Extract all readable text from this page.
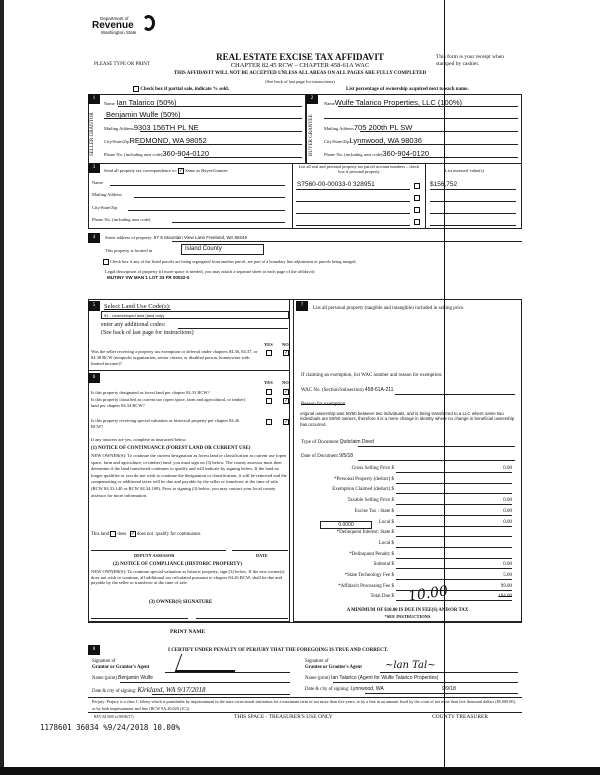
Department of
Revenue
Washington State
REAL ESTATE EXCISE TAX AFFIDAVIT
CHAPTER 82.45 RCW – CHAPTER 458-61A WAC
PLEASE TYPE OR PRINT
THIS AFFIDAVIT WILL NOT BE ACCEPTED UNLESS ALL AREAS ON ALL PAGES ARE FULLY COMPLETED
(See back of last page for instructions)
This form is your receipt when stamped by cashier.
Check box if partial sale, indicate % sold.	List percentage of ownership acquired next to each name.
1	2
SELLER GRANTOR	BUYER GRANTEE
Name Ian Talarico (50%)
Benjamin Wulfe (50%)
Mailing Address9303 156TH PL NE
City/State/ZipREDMOND, WA 98052
Phone No. (including area code)360-904-0120
NameWulfe Talarico Properties, LLC (100%)
Mailing Address705 200th PL SW
City/State/ZipLynnwood, WA 98036
Phone No. (including area code)360-904-0120
3
Send all property tax correspondence to: ✓ Same as Buyer/Grantee
Name
Mailing Address
City/State/Zip
Phone No. (including area code)
List all real and personal property tax parcel account numbers – check box if personal property
S7560-00-00033-0 328951
List assessed value(s)
$156,752
4	Street address of property: 57 S Mountain View Lane Freeland, WA 98249
This property is located in	Island County
Check box if any of the listed parcels are being segregated from another parcel, are part of a boundary line adjustment or parcels being merged.
Legal description of property (if more space is needed, you may attach a separate sheet to each page of the affidavit)
MUTINY VW MAN 1 LOT 33 FR 00032-0
5	Select Land Use Code(s):
91 - Undeveloped land (land only)
enter any additional codes:
(See back of last page for instructions)
YES NO
Was the seller receiving a property tax exemption or deferral under chapters 84.36, 84.37, or 84.38 RCW (nonprofit organization, senior citizen, or disabled person, homeowner with limited income)?
✓
6
YES NO
Is this property designated as forest land per chapter 84.33 RCW?	✓
Is this property classified as current use (open space, farm and agricultural, or timber) land per chapter 84.34 RCW?
✓
Is this property receiving special valuation as historical property per chapter 84.26 RCW?
✓
If any answers are yes, complete as instructed below.
(1) NOTICE OF CONTINUANCE (FOREST LAND OR CURRENT USE)
NEW OWNER(S): To continue the current designation as forest land or classification as current use (open space, farm and agriculture, or timber) land, you must sign on (3) below. The county assessor must then determine if the land transferred continues to qualify and will indicate by signing below. If the land no longer qualifies or you do not wish to continue the designation or classification, it will be removed and the compensating or additional taxes will be due and payable by the seller or transferor at the time of sale. (RCW 84.33.140 or RCW 84.34.108). Prior to signing (3) below, you may contact your local county assessor for more information.
This land does ✓ does not qualify for continuance.
DEPUTY ASSESSOR	DATE
(2) NOTICE OF COMPLIANCE (HISTORIC PROPERTY)
NEW OWNER(S): To continue special valuation as historic property, sign (3) below. If the new owner(s) does not wish to continue, all additional tax calculated pursuant to chapter 84.26 RCW, shall be due and payable by the seller or transferor at the time of sale.
(3) OWNER(S) SIGNATURE
7
List all personal property (tangible and intangible) included in selling price.
If claiming an exemption, list WAC number and reason for exemption:
WAC No. (Section/Subsection) 458-61A-211
Reason for exemption
original ownership was 50/50 between two individuals, and is being transferred to a LLC where same two individuals are 50/50 owners, therefore it is a mere change in identity where no change in beneficial ownership has occurred.
Type of Document Quitclaim Deed
Date of Document 9/5/18
Gross Selling Price $	0.00
*Personal Property (deduct) $
Exemption Claimed (deduct) $
Taxable Selling Price $	0.00
Excise Tax : State $	0.00
Local $	0.00
*Delinquent Interest: State $
Local $
*Delinquent Penalty $
Subtotal $	0.00
*State Technology Fee $	5.00
*Affidavit Processing Fee $	99.00
Total Due $	104.00
0.0000
10.00
A MINIMUM OF $10.00 IS DUE IN FEE(S) AND/OR TAX
*SEE INSTRUCTIONS
PRINT NAME
8	I CERTIFY UNDER PENALTY OF PERJURY THAT THE FOREGOING IS TRUE AND CORRECT.
Signature of
Grantor or Grantor's Agent
Name (print) Benjamin Wulfe
Date & city of signing: Kirkland, WA 9/17/2018
Signature of
Grantee or Grantee's Agent ~lan Tal~
Name (print) Ian Talarico (Agent for Wulfe Talarico Properties)
Date & city of signing: Lynnwood, WA	9/9/18
Perjury: Perjury is a class C felony which is punishable by imprisonment in the state correctional institution for a maximum term of not more than five years, or by a fine in an amount fixed by the court of not more than five thousand dollars ($5,000.00), or by both imprisonment and fine (RCW 9A.20.020 (1C)).
REV 84 0001a (09/06/17)	THIS SPACE - TREASURER'S USE ONLY	COUNTY TREASURER
1178601 36034 %9/24/2018 10.00%
